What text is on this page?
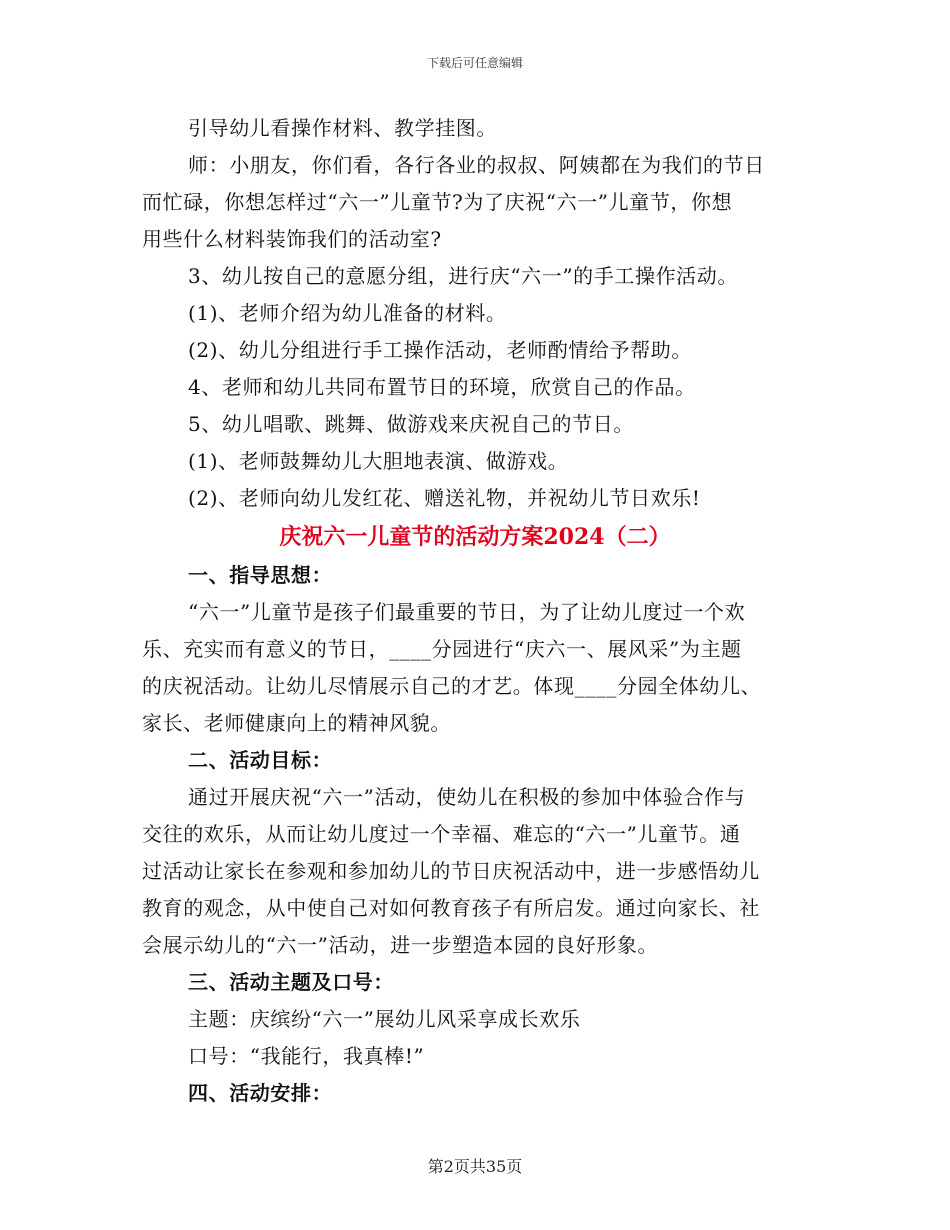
下载后可任意编辑
引导幼儿看操作材料、教学挂图。
师：小朋友，你们看，各行各业的叔叔、阿姨都在为我们的节日
而忙碌，你想怎样过“六一”儿童节?为了庆祝“六一”儿童节，你想
用些什么材料装饰我们的活动室?
3、幼儿按自己的意愿分组，进行庆“六一”的手工操作活动。
(1)、老师介绍为幼儿准备的材料。
(2)、幼儿分组进行手工操作活动，老师酌情给予帮助。
4、老师和幼儿共同布置节日的环境，欣赏自己的作品。
5、幼儿唱歌、跳舞、做游戏来庆祝自己的节日。
(1)、老师鼓舞幼儿大胆地表演、做游戏。
(2)、老师向幼儿发红花、赠送礼物，并祝幼儿节日欢乐!
庆祝六一儿童节的活动方案2024（二）
一、指导思想：
“六一”儿童节是孩子们最重要的节日，为了让幼儿度过一个欢
乐、充实而有意义的节日，____分园进行“庆六一、展风采”为主题
的庆祝活动。让幼儿尽情展示自己的才艺。体现____分园全体幼儿、
家长、老师健康向上的精神风貌。
二、活动目标：
通过开展庆祝“六一”活动，使幼儿在积极的参加中体验合作与
交往的欢乐，从而让幼儿度过一个幸福、难忘的“六一”儿童节。通
过活动让家长在参观和参加幼儿的节日庆祝活动中，进一步感悟幼儿
教育的观念，从中使自己对如何教育孩子有所启发。通过向家长、社
会展示幼儿的“六一”活动，进一步塑造本园的良好形象。
三、活动主题及口号：
主题：庆缤纷“六一”展幼儿风采享成长欢乐
口号：“我能行，我真棒!”
四、活动安排：
第2页共35页
